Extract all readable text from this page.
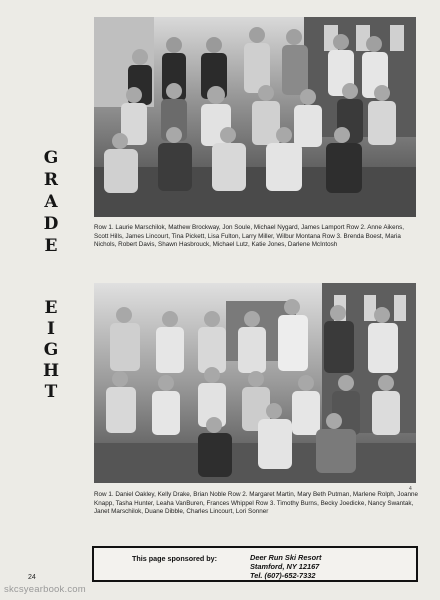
G
R
A
D
E
E
I
G
H
T
Row 1. Laurie Marschilok, Mathew Brockway, Jon Soule, Michael Nygard, James Lamport Row 2. Anne Aikens, Scott Hills, James Lincourt, Tina Pickett, Lisa Fulton, Larry Miller, Wilbur Montana Row 3. Brenda Boest, Maria Nichols, Robert Davis, Shawn Hasbrouck, Michael Lutz, Katie Jones, Darlene McIntosh
Row 1. Daniel Oakley, Kelly Drake, Brian Noble Row 2. Margaret Martin, Mary Beth Putman, Marlene Rolph, Joanne Knapp, Tasha Hunter, Leaha VanBuren, Frances Whippel Row 3. Timothy Burns, Becky Joedicke, Nancy Swantak, Janet Marschilok, Duane Dibble, Charles Lincourt, Lori Sonner
4
This page sponsored by:	Deer Run Ski Resort
Stamford, NY 12167
Tel. (607)-652-7332
24
skcsyearbook.com
